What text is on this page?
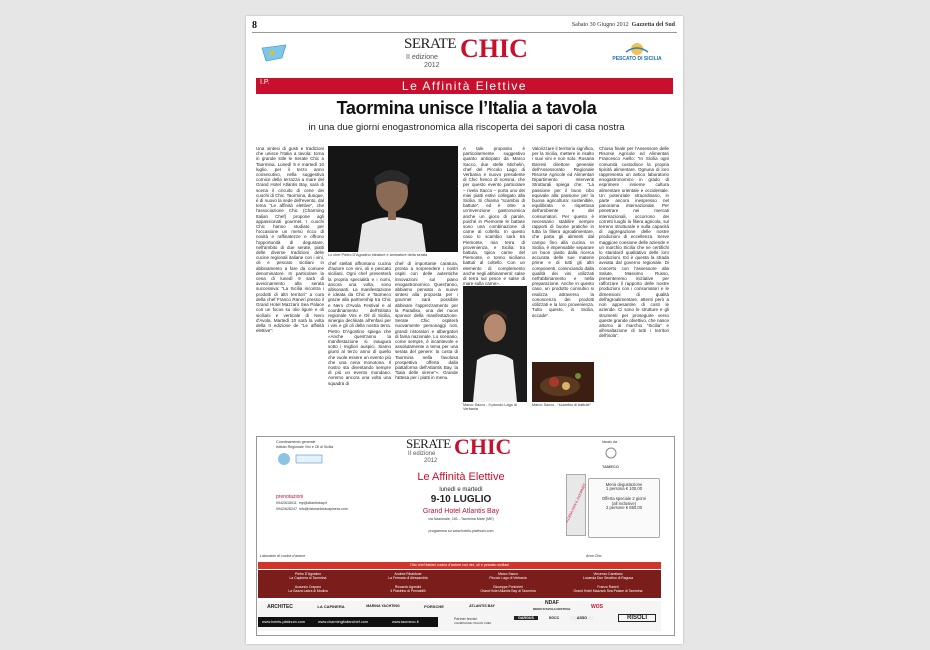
8	Sabato 30 Giugno 2012 Gazzetta del Sud
SERATE CHIC
II edizione
2012
PESCATO DI SICILIA
I.P.	Le Affinità Elettive
Taormina unisce l’Italia a tavola
in una due giorni enogastronomica alla riscoperta dei sapori di casa nostra
Una sintesi di gusti e tradizioni che unisce l'Italia a tavola: torna in grande stile le Serate Chic a Taormina. Lunedì 9 e martedì 10 luglio, per il terzo anno consecutivo, nella suggestiva cornice della terrazza a mare del Grand Hotel Atlantis Bay, sarà di scena il circuito di cene dei cuochi di Chic. Taormina, dunque, è di nuovo la sede dell'evento, dal tema “Le affinità elettive”, che l'associazione Chic (Charming Italian Chef) propone agli appassionati gourmet. I cuochi Chic hanno studiato per l'occasione un menù ricco di novità e raffinatezze e offrono l'opportunità di degustare, nell'ambito di due serate, piatti delle diverse tradizioni delle cucine regionali italiane con i vini, oli e pescato siciliani in abbinamento a fare da comune denominatore. In particolare la cena di lunedì 9 sarà di avvicinamento alla serata successiva: “La Sicilia incontra i prodotti di altri territori” a cura della chef Franco Raneri presso il Grand Hotel Mazzarò Sea Palace con un focus su olio ligure e oli siciliani e verticale di Nero d'Avola. Martedì 10 sarà la volta della II edizione de “Le affinità elettive”:
Lo chef Pietro D'Agostino ideatore e animatore della serata
chef stellati affrontano cucina d'autore con vini, oli e pescato siciliani. Ogni chef presenterà la propria specialità e i nomi, ancora una volta, sono altisonanti. La manifestazione è ideata da Chic e Taomeco grazie alla partnership tra Chic e Nero d'Avola Festival e al coordinamento dell'Istituto regionale Vini e Oli di Sicilia, sinergia declinata all'enfasi per i vini e gli oli della nostra terra. Pietro D'Agostino spiega che «Anche quest'anno la manifestazione si inaugura sotto i migliori auspici. Siamo giunti al terzo anno di quello che vuole essere un evento più che una cena monotona. Il nostro sta diventando sempre di più un evento mondano. Avremo ancora una volta una squadra di
chef di importante caratura, pronta a sorprendere i nostri ospiti con delle autentiche innovazioni sul piano enogastronomico. Quest'anno, abbiamo pensato a nuove sintesi alla proposta per i gourmet sarà possibile abbinare l'apprezzamento per la Paradiso, una dei nuovi sponsor della manifestazione. Serate Chic ospiterà nuovamente personaggi noti, grandi ristoratori e albergatori di fama nazionale. Lo scenario, come sempre, è incantevole e assolutamente a tema per una serata del genere: la costa di Taormina nella favolosa prospettiva offerta dalla piattaforma dell'Atlantis Bay, la “baia delle sirene”». Grande l'attesa per i piatti in menu.
A tale proposito è particolarmente suggestivo quanto anticipato da Marco Sacco, due stelle Michelin, chef del Piccolo Lago di Verbania e nuovo presidente di Chic fresco di nomina, che per questo evento particolare – rivela Sacco – porta uno dei miei piatti estivi collegato alla Sicilia. Si chiama “scambio di battute”, ed è oltre a un'invenzione gastronomica anche un gioco di parole, poiché in Piemonte le battute sono una combinazione di carne al coltello. In questo caso lo scambio sarà tra Piemonte, mia terra di provenienza, e Sicilia: tra battuta, tipica carne del Piemonte, e tonno siciliano battuti al coltello. Con un elemento di complemento anche negli abbinamenti: salse di terra sul pesce e salse di mare sulla carne».
Marco Sacco - Il piccolo Lago di Verbania
Valorizzare il territorio significa, per la Sicilia, mettere in risalto i suoi vini e non solo. Rosaria Barresi direttore generale dell'Assessorato Regionale Risorse Agricole ed Alimentari Dipartimento Interventi Strutturali spiega che: “La passione per il buon cibo equivale alla passione per la buona agricoltura: sostenibile, equilibrata e rispettosa dell'ambiente e dei consumatori. Per questo è necessario stabilire sempre rapporti di buone pratiche in tutta la filiera agroalimentare, che parta gli alimenti dal campo fino alla cucina. In Sicilia, è impensabile separare un buon piatto dalla ricerca accurata delle sue materie prime e di tutti gli altri componenti, cominciando dalla qualità dei vini utilizzati nell'abbinamento e nella preparazione. Anche in questo caso, un prodotto connubio si realizza attraverso la conoscenza dei prodotti utilizzati e la loro provenienza. Tutto questo, in Sicilia, accade”.
Marco Sacco - “scambio di battute”
Chiosa finale per l'Assessore delle Risorse Agricole ed Alimentari Francesco Aiello: “In Sicilia ogni comunità custodisce la propria tipicità alimentare. Ognuna di loro rappresenta un antico laboratorio enogastronomico in grado di esprimere insieme cultura alimentare orientale e occidentale. Un potenziale straordinario, in parte ancora inespresso nel panorama internazionale. Per penetrare nei mercati internazionali, occorrono dei corretti luoghi la filiera agricola, sul terreno strutturale e sulla capacità di aggregazione delle nostre produzioni di eccellenza. Serve maggiore coesione delle aziende e un marchio Sicilia che ne certifichi lo standard qualitativo delle loro produzioni. Ed è questa la strada avviata dal governo regionale. Di concerto con l'assessore alla Salute, Massimo Russo, presenteremo iniziative per rafforzare il rapporto delle nostre produzioni con i consumatori e le dimensioni di qualità dell'agroalimentare, attenti però a non appesantire di costi le aziende. Ci sono le strutture e gli strumenti per proseguire verso queste grande obiettivo, che nasce attorno al marchio “Sicilia” e all'esaltazione di tutti i territori dell'isola”.
Coordinamento generale
Istituto Regionale Vini e Oli di Sicilia	SERATE CHIC
II edizione
2012
Ideato da
TAMECO
Le Affinità Elettive
lunedì e martedì
9-10 LUGLIO
Grand Hotel Atlantis Bay
via Nazionale, 161 - Taormina Mare (ME)
programma su www.hotels-platinum.com
prenotazioni
0942/618011 mp@atlantisbay.it
0942/626247 info@ristorantelacapinera.com	A CENA CON IL GOURMET	Menù degustazione
1 persona € 100,00
Offerta speciale 2 giorni
(all inclusive)
2 persone € 850,00
Laboratori di cucina d'autore	Area Chic
Otto chef italiani cucina d'autore con vini, oli e pescato siciliani
Pietro D'Agostino
La Capinera di Taormina
Andrea Ribaldone
La Fermata di Alessandria
Marco Sacco
Piccolo Lago di Verbania
Vincenzo Candiano
Locanda Don Serafino di Ragusa
Accursio Craparo
La Gazza Ladra di Modica
Riccardo Agostini
Il Piastrino di Pennabilli
Giuseppe Pontorieri
Grand Hotel Atlantis Bay di Taormina
Franco Raneri
Grand Hotel Mazzarò Sea Palace di Taormina
ARCHITEC	LA CAPINERA	MARINA YACHTING	PORSCHE	ATLANTIS BAY	NDAF
NERO D'AVOLA FESTIVAL	WOS
www.hotels-platinum.com	www.charmingitalianchef.com	www.taomeco.it
Partner tecnici
CHAMPAGNE ITALIAN CHEF
GARGUS	SGCC	ASSO	RISOLI
